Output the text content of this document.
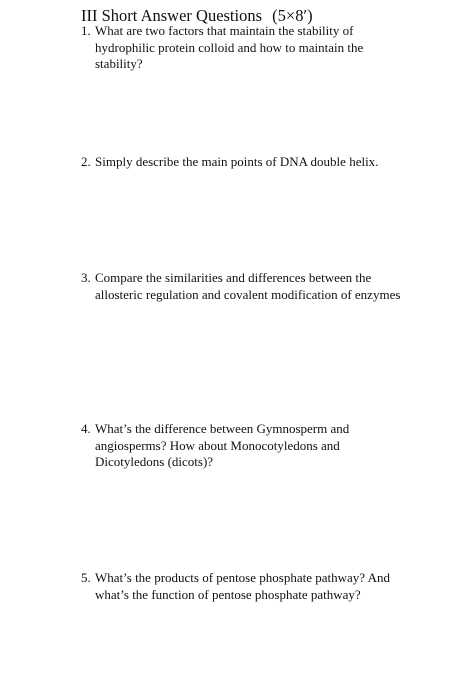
III Short Answer Questions (5×8′)
1. What are two factors that maintain the stability of hydrophilic protein colloid and how to maintain the stability?
2. Simply describe the main points of DNA double helix.
3. Compare the similarities and differences between the allosteric regulation and covalent modification of enzymes
4. What’s the difference between Gymnosperm and angiosperms? How about Monocotyledons and Dicotyledons (dicots)?
5. What’s the products of pentose phosphate pathway? And what’s the function of pentose phosphate pathway?
